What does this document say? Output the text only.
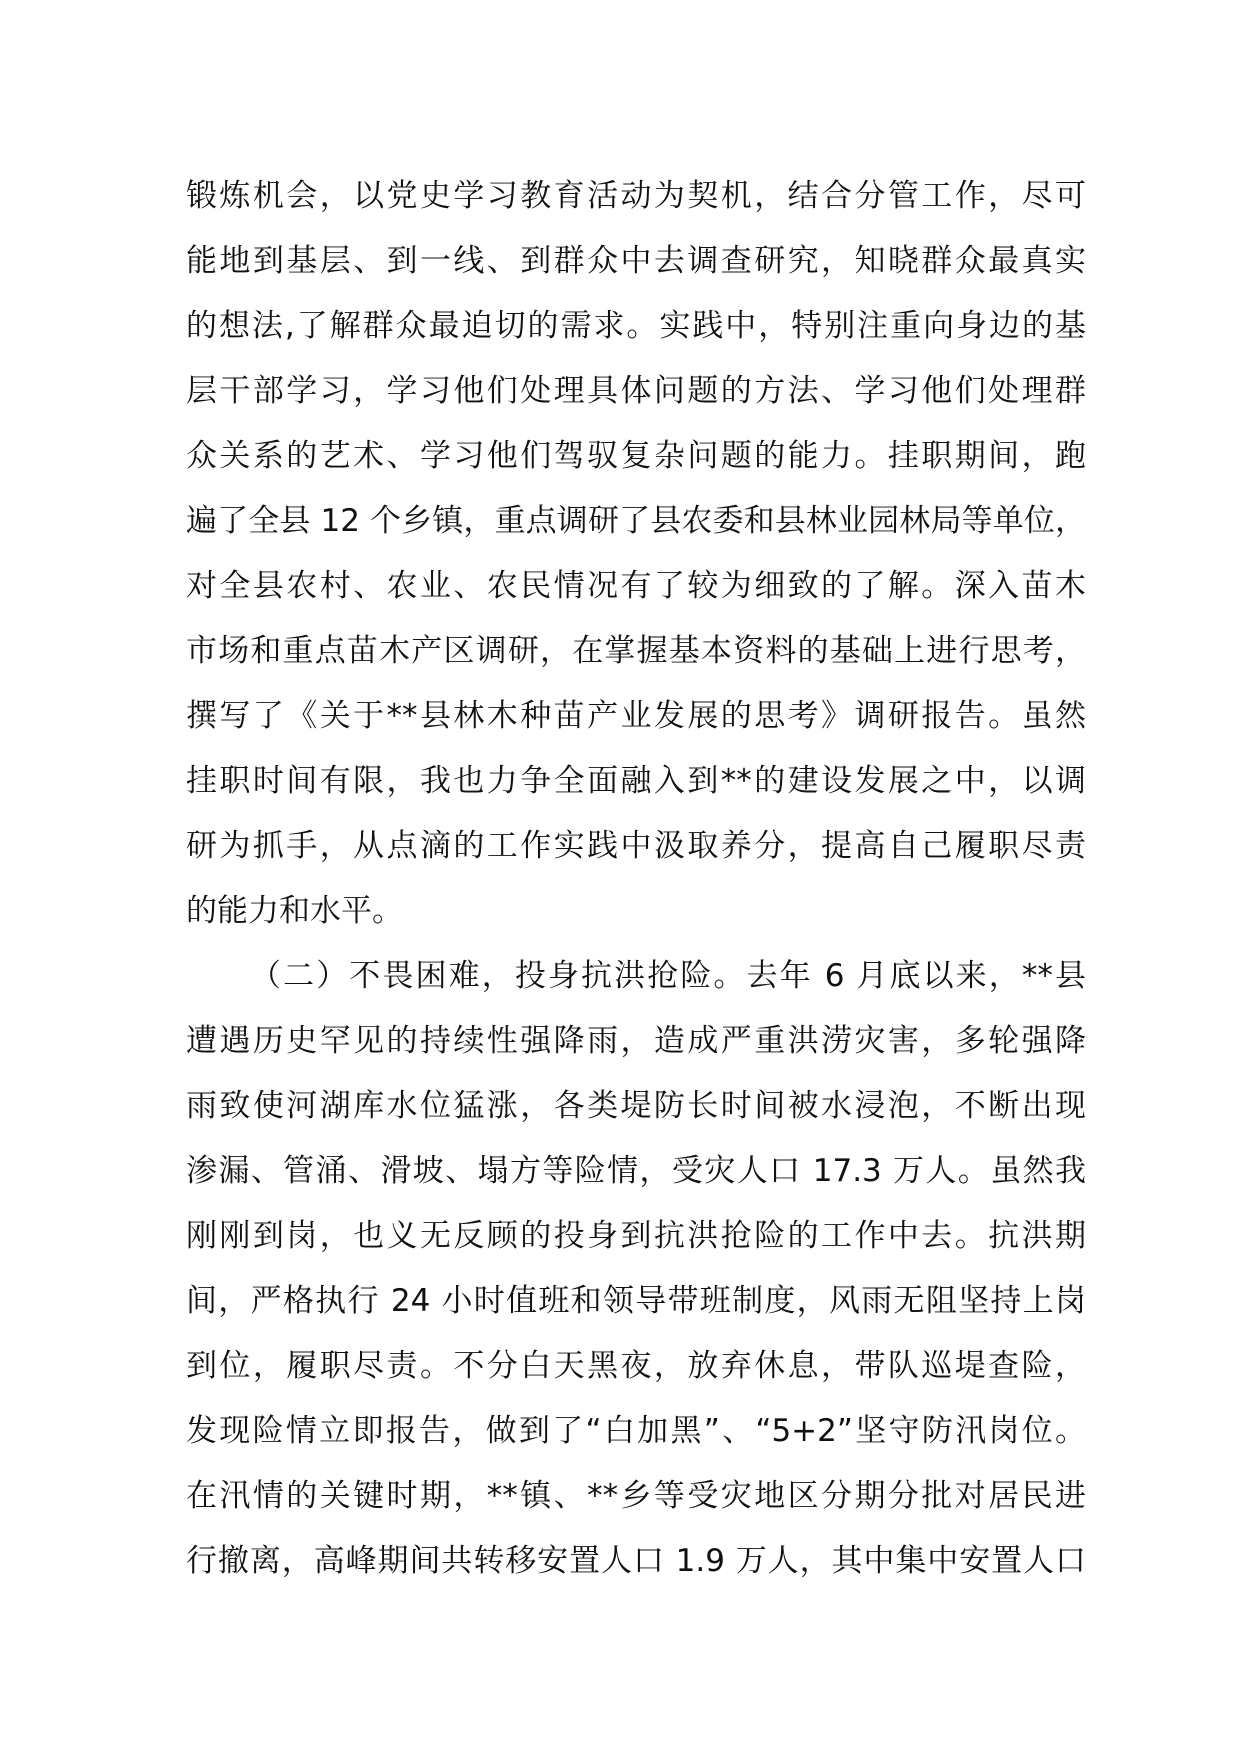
锻炼机会，以党史学习教育活动为契机，结合分管工作，尽可
能地到基层、到一线、到群众中去调查研究，知晓群众最真实
的想法,了解群众最迫切的需求。实践中，特别注重向身边的基
层干部学习，学习他们处理具体问题的方法、学习他们处理群
众关系的艺术、学习他们驾驭复杂问题的能力。挂职期间，跑
遍了全县 12 个乡镇，重点调研了县农委和县林业园林局等单位，
对全县农村、农业、农民情况有了较为细致的了解。深入苗木
市场和重点苗木产区调研，在掌握基本资料的基础上进行思考，
撰写了《关于**县林木种苗产业发展的思考》调研报告。虽然
挂职时间有限，我也力争全面融入到**的建设发展之中，以调
研为抓手，从点滴的工作实践中汲取养分，提高自己履职尽责
的能力和水平。
（二）不畏困难，投身抗洪抢险。去年 6 月底以来，**县
遭遇历史罕见的持续性强降雨，造成严重洪涝灾害，多轮强降
雨致使河湖库水位猛涨，各类堤防长时间被水浸泡，不断出现
渗漏、管涌、滑坡、塌方等险情，受灾人口 17.3 万人。虽然我
刚刚到岗，也义无反顾的投身到抗洪抢险的工作中去。抗洪期
间，严格执行 24 小时值班和领导带班制度，风雨无阻坚持上岗
到位，履职尽责。不分白天黑夜，放弃休息，带队巡堤查险，
发现险情立即报告，做到了“白加黑”、“5+2”坚守防汛岗位。
在汛情的关键时期，**镇、**乡等受灾地区分期分批对居民进
行撤离，高峰期间共转移安置人口 1.9 万人，其中集中安置人口
